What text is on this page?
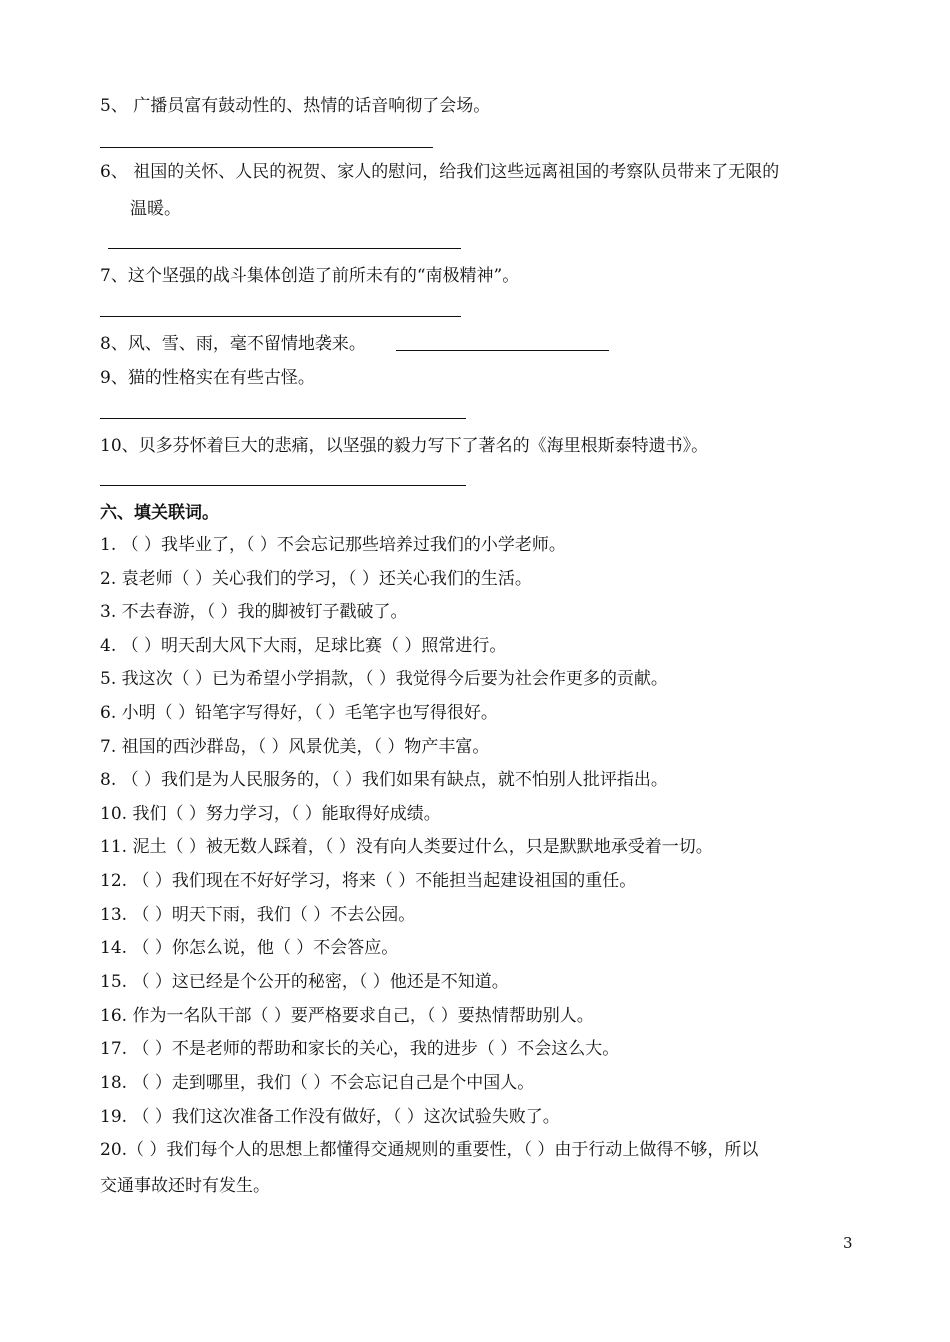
5、 广播员富有鼓动性的、热情的话音响彻了会场。
6、 祖国的关怀、人民的祝贺、家人的慰问，给我们这些远离祖国的考察队员带来了无限的
温暖。
7、这个坚强的战斗集体创造了前所未有的“南极精神”。
8、风、雪、雨，毫不留情地袭来。
9、猫的性格实在有些古怪。
10、贝多芬怀着巨大的悲痛，以坚强的毅力写下了著名的《海里根斯泰特遗书》。
六、填关联词。
1. （ ）我毕业了，（ ）不会忘记那些培养过我们的小学老师。
2. 袁老师（ ）关心我们的学习，（ ）还关心我们的生活。
3. 不去春游，（ ）我的脚被钉子戳破了。
4. （ ）明天刮大风下大雨，足球比赛（ ）照常进行。
5. 我这次（ ）已为希望小学捐款，（ ）我觉得今后要为社会作更多的贡献。
6. 小明（ ）铅笔字写得好，（ ）毛笔字也写得很好。
7. 祖国的西沙群岛，（ ）风景优美，（ ）物产丰富。
8. （ ）我们是为人民服务的，（ ）我们如果有缺点，就不怕别人批评指出。
10. 我们（ ）努力学习，（ ）能取得好成绩。
11. 泥土（ ）被无数人踩着，（ ）没有向人类要过什么，只是默默地承受着一切。
12. （ ）我们现在不好好学习，将来（ ）不能担当起建设祖国的重任。
13. （ ）明天下雨，我们（ ）不去公园。
14. （ ）你怎么说，他（ ）不会答应。
15. （ ）这已经是个公开的秘密，（ ）他还是不知道。
16. 作为一名队干部（ ）要严格要求自己，（ ）要热情帮助别人。
17. （ ）不是老师的帮助和家长的关心，我的进步（ ）不会这么大。
18. （ ）走到哪里，我们（ ）不会忘记自己是个中国人。
19. （ ）我们这次准备工作没有做好，（ ）这次试验失败了。
20.（ ）我们每个人的思想上都懂得交通规则的重要性，（ ）由于行动上做得不够，所以
交通事故还时有发生。
3
